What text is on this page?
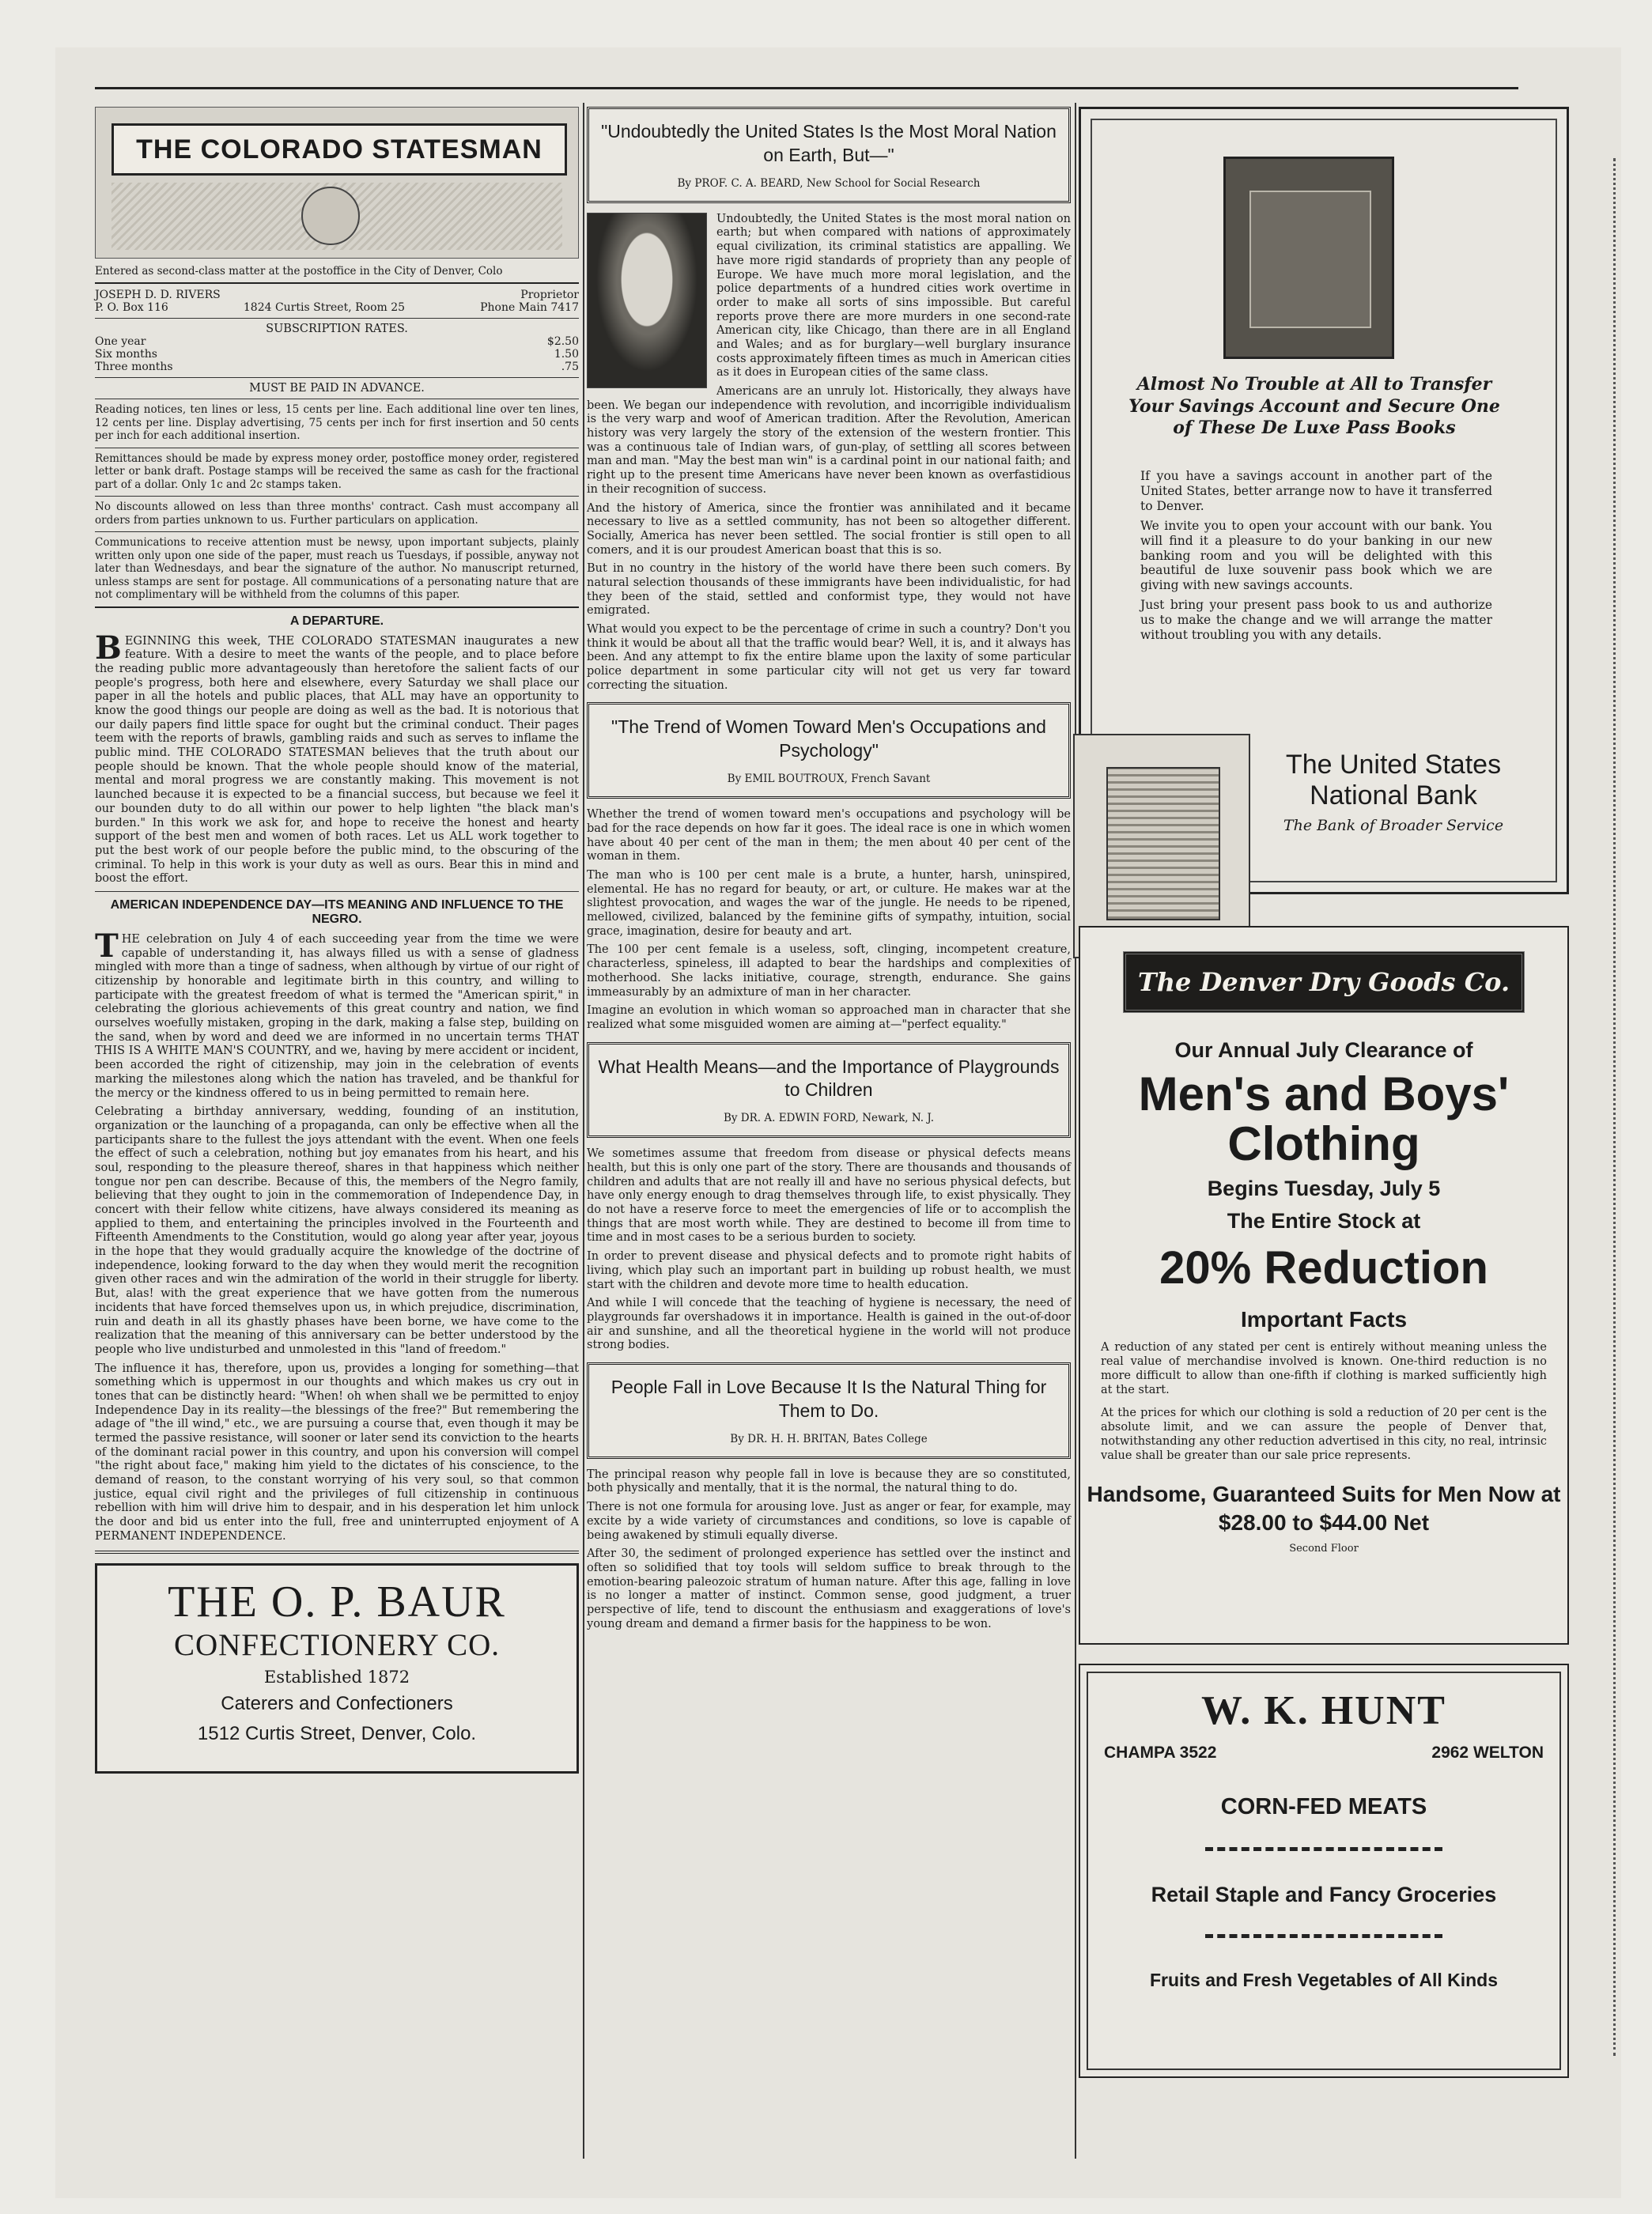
THE COLORADO STATESMAN

Entered as second-class matter at the postoffice in the City of Denver, Colo

JOSEPH D. D. RIVERS	Proprietor
P. O. Box 116	1824 Curtis Street, Room 25	Phone Main 7417
SUBSCRIPTION RATES.
One year	$2.50
Six months	1.50
Three months	.75
MUST BE PAID IN ADVANCE.

Reading notices, ten lines or less, 15 cents per line. Each additional line over ten lines, 12 cents per line. Display advertising, 75 cents per inch for first insertion and 50 cents per inch for each additional insertion.

Remittances should be made by express money order, postoffice money order, registered letter or bank draft. Postage stamps will be received the same as cash for the fractional part of a dollar. Only 1c and 2c stamps taken.

No discounts allowed on less than three months' contract. Cash must accompany all orders from parties unknown to us. Further particulars on application.

Communications to receive attention must be newsy, upon important subjects, plainly written only upon one side of the paper, must reach us Tuesdays, if possible, anyway not later than Wednesdays, and bear the signature of the author. No manuscript returned, unless stamps are sent for postage. All communications of a personating nature that are not complimentary will be withheld from the columns of this paper.

A DEPARTURE.

BEGINNING this week, THE COLORADO STATESMAN inaugurates a new feature. With a desire to meet the wants of the people, and to place before the reading public more advantageously than heretofore the salient facts of our people's progress, both here and elsewhere, every Saturday we shall place our paper in all the hotels and public places, that ALL may have an opportunity to know the good things our people are doing as well as the bad. It is notorious that our daily papers find little space for ought but the criminal conduct. Their pages teem with the reports of brawls, gambling raids and such as serves to inflame the public mind. THE COLORADO STATESMAN believes that the truth about our people should be known. That the whole people should know of the material, mental and moral progress we are constantly making. This movement is not launched because it is expected to be a financial success, but because we feel it our bounden duty to do all within our power to help lighten "the black man's burden." In this work we ask for, and hope to receive the honest and hearty support of the best men and women of both races. Let us ALL work together to put the best work of our people before the public mind, to the obscuring of the criminal. To help in this work is your duty as well as ours. Bear this in mind and boost the effort.

AMERICAN INDEPENDENCE DAY—ITS MEANING AND INFLUENCE TO THE NEGRO.

THE celebration on July 4 of each succeeding year from the time we were capable of understanding it, has always filled us with a sense of gladness mingled with more than a tinge of sadness, when although by virtue of our right of citizenship by honorable and legitimate birth in this country, and willing to participate with the greatest freedom of what is termed the "American spirit," in celebrating the glorious achievements of this great country and nation, we find ourselves woefully mistaken, groping in the dark, making a false step, building on the sand, when by word and deed we are informed in no uncertain terms THAT THIS IS A WHITE MAN'S COUNTRY, and we, having by mere accident or incident, been accorded the right of citizenship, may join in the celebration of events marking the milestones along which the nation has traveled, and be thankful for the mercy or the kindness offered to us in being permitted to remain here.

Celebrating a birthday anniversary, wedding, founding of an institution, organization or the launching of a propaganda, can only be effective when all the participants share to the fullest the joys attendant with the event. When one feels the effect of such a celebration, nothing but joy emanates from his heart, and his soul, responding to the pleasure thereof, shares in that happiness which neither tongue nor pen can describe. Because of this, the members of the Negro family, believing that they ought to join in the commemoration of Independence Day, in concert with their fellow white citizens, have always considered its meaning as applied to them, and entertaining the principles involved in the Fourteenth and Fifteenth Amendments to the Constitution, would go along year after year, joyous in the hope that they would gradually acquire the knowledge of the doctrine of independence, looking forward to the day when they would merit the recognition given other races and win the admiration of the world in their struggle for liberty. But, alas! with the great experience that we have gotten from the numerous incidents that have forced themselves upon us, in which prejudice, discrimination, ruin and death in all its ghastly phases have been borne, we have come to the realization that the meaning of this anniversary can be better understood by the people who live undisturbed and unmolested in this "land of freedom."

The influence it has, therefore, upon us, provides a longing for something—that something which is uppermost in our thoughts and which makes us cry out in tones that can be distinctly heard: "When! oh when shall we be permitted to enjoy Independence Day in its reality—the blessings of the free?" But remembering the adage of "the ill wind," etc., we are pursuing a course that, even though it may be termed the passive resistance, will sooner or later send its conviction to the hearts of the dominant racial power in this country, and upon his conversion will compel "the right about face," making him yield to the dictates of his conscience, to the demand of reason, to the constant worrying of his very soul, so that common justice, equal civil right and the privileges of full citizenship in continuous rebellion with him will drive him to despair, and in his desperation let him unlock the door and bid us enter into the full, free and uninterrupted enjoyment of A PERMANENT INDEPENDENCE.

THE O. P. BAUR
CONFECTIONERY CO.
Established 1872
Caterers and Confectioners
1512 Curtis Street, Denver, Colo.
"Undoubtedly the United States Is the Most Moral Nation on Earth, But—"
By PROF. C. A. BEARD, New School for Social Research

Undoubtedly, the United States is the most moral nation on earth; but when compared with nations of approximately equal civilization, its criminal statistics are appalling. We have more rigid standards of propriety than any people of Europe. We have much more moral legislation, and the police departments of a hundred cities work overtime in order to make all sorts of sins impossible. But careful reports prove there are more murders in one second-rate American city, like Chicago, than there are in all England and Wales; and as for burglary—well burglary insurance costs approximately fifteen times as much in American cities as it does in European cities of the same class.

Americans are an unruly lot. Historically, they always have been. We began our independence with revolution, and incorrigible individualism is the very warp and woof of American tradition. After the Revolution, American history was very largely the story of the extension of the western frontier. This was a continuous tale of Indian wars, of gun-play, of settling all scores between man and man. "May the best man win" is a cardinal point in our national faith; and right up to the present time Americans have never been known as overfastidious in their recognition of success.

And the history of America, since the frontier was annihilated and it became necessary to live as a settled community, has not been so altogether different. Socially, America has never been settled. The social frontier is still open to all comers, and it is our proudest American boast that this is so.

But in no country in the history of the world have there been such comers. By natural selection thousands of these immigrants have been individualistic, for had they been of the staid, settled and conformist type, they would not have emigrated.

What would you expect to be the percentage of crime in such a country? Don't you think it would be about all that the traffic would bear? Well, it is, and it always has been. And any attempt to fix the entire blame upon the laxity of some particular police department in some particular city will not get us very far toward correcting the situation.

"The Trend of Women Toward Men's Occupations and Psychology"
By EMIL BOUTROUX, French Savant

Whether the trend of women toward men's occupations and psychology will be bad for the race depends on how far it goes. The ideal race is one in which women have about 40 per cent of the man in them; the men about 40 per cent of the woman in them.

The man who is 100 per cent male is a brute, a hunter, harsh, uninspired, elemental. He has no regard for beauty, or art, or culture. He makes war at the slightest provocation, and wages the war of the jungle. He needs to be ripened, mellowed, civilized, balanced by the feminine gifts of sympathy, intuition, social grace, imagination, desire for beauty and art.

The 100 per cent female is a useless, soft, clinging, incompetent creature, characterless, spineless, ill adapted to bear the hardships and complexities of motherhood. She lacks initiative, courage, strength, endurance. She gains immeasurably by an admixture of man in her character.

Imagine an evolution in which woman so approached man in character that she realized what some misguided women are aiming at—"perfect equality."

What Health Means—and the Importance of Playgrounds to Children
By DR. A. EDWIN FORD, Newark, N. J.

We sometimes assume that freedom from disease or physical defects means health, but this is only one part of the story. There are thousands and thousands of children and adults that are not really ill and have no serious physical defects, but have only energy enough to drag themselves through life, to exist physically. They do not have a reserve force to meet the emergencies of life or to accomplish the things that are most worth while. They are destined to become ill from time to time and in most cases to be a serious burden to society.

In order to prevent disease and physical defects and to promote right habits of living, which play such an important part in building up robust health, we must start with the children and devote more time to health education.

And while I will concede that the teaching of hygiene is necessary, the need of playgrounds far overshadows it in importance. Health is gained in the out-of-door air and sunshine, and all the theoretical hygiene in the world will not produce strong bodies.

People Fall in Love Because It Is the Natural Thing for Them to Do.
By DR. H. H. BRITAN, Bates College

The principal reason why people fall in love is because they are so constituted, both physically and mentally, that it is the normal, the natural thing to do.

There is not one formula for arousing love. Just as anger or fear, for example, may excite by a wide variety of circumstances and conditions, so love is capable of being awakened by stimuli equally diverse.

After 30, the sediment of prolonged experience has settled over the instinct and often so solidified that toy tools will seldom suffice to break through to the emotion-bearing paleozoic stratum of human nature. After this age, falling in love is no longer a matter of instinct. Common sense, good judgment, a truer perspective of life, tend to discount the enthusiasm and exaggerations of love's young dream and demand a firmer basis for the happiness to be won.

Almost No Trouble at All to Transfer Your Savings Account and Secure One of These De Luxe Pass Books

If you have a savings account in another part of the United States, better arrange now to have it transferred to Denver.

We invite you to open your account with our bank. You will find it a pleasure to do your banking in our new banking room and you will be delighted with this beautiful de luxe souvenir pass book which we are giving with new savings accounts.

Just bring your present pass book to us and authorize us to make the change and we will arrange the matter without troubling you with any details.

The United States National Bank
The Bank of Broader Service
The Denver Dry Goods Co.
Our Annual July Clearance of
Men's and Boys' Clothing
Begins Tuesday, July 5
The Entire Stock at
20% Reduction
Important Facts

A reduction of any stated per cent is entirely without meaning unless the real value of merchandise involved is known. One-third reduction is no more difficult to allow than one-fifth if clothing is marked sufficiently high at the start.

At the prices for which our clothing is sold a reduction of 20 per cent is the absolute limit, and we can assure the people of Denver that, notwithstanding any other reduction advertised in this city, no real, intrinsic value shall be greater than our sale price represents.

Handsome, Guaranteed Suits for Men Now at $28.00 to $44.00 Net
Second Floor
W. K. HUNT
CHAMPA 3522	2962 WELTON
CORN-FED MEATS
Retail Staple and Fancy Groceries
Fruits and Fresh Vegetables of All Kinds
